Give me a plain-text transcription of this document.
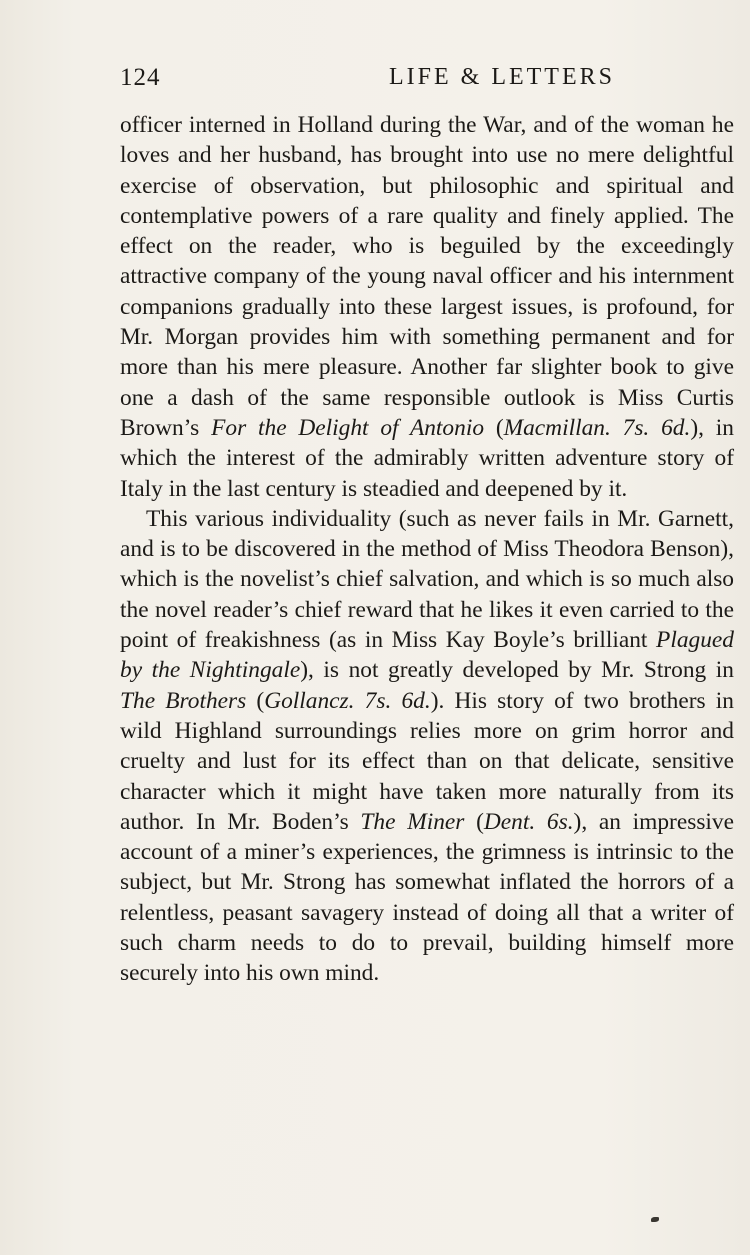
124	LIFE & LETTERS

officer interned in Holland during the War, and of the woman he loves and her husband, has brought into use no mere delightful exercise of observation, but philosophic and spiritual and contemplative powers of a rare quality and finely applied. The effect on the reader, who is beguiled by the exceedingly attractive company of the young naval officer and his internment companions gradually into these largest issues, is profound, for Mr. Morgan provides him with something permanent and for more than his mere pleasure. Another far slighter book to give one a dash of the same responsible outlook is Miss Curtis Brown’s For the Delight of Antonio (Macmillan. 7s. 6d.), in which the interest of the admirably written adventure story of Italy in the last century is steadied and deepened by it.

This various individuality (such as never fails in Mr. Garnett, and is to be discovered in the method of Miss Theodora Benson), which is the novelist’s chief salvation, and which is so much also the novel reader’s chief reward that he likes it even carried to the point of freakishness (as in Miss Kay Boyle’s brilliant Plagued by the Nightingale), is not greatly developed by Mr. Strong in The Brothers (Gollancz. 7s. 6d.). His story of two brothers in wild Highland surroundings relies more on grim horror and cruelty and lust for its effect than on that delicate, sensitive character which it might have taken more naturally from its author. In Mr. Boden’s The Miner (Dent. 6s.), an impressive account of a miner’s experiences, the grimness is intrinsic to the subject, but Mr. Strong has somewhat inflated the horrors of a relentless, peasant savagery instead of doing all that a writer of such charm needs to do to prevail, building himself more securely into his own mind.
